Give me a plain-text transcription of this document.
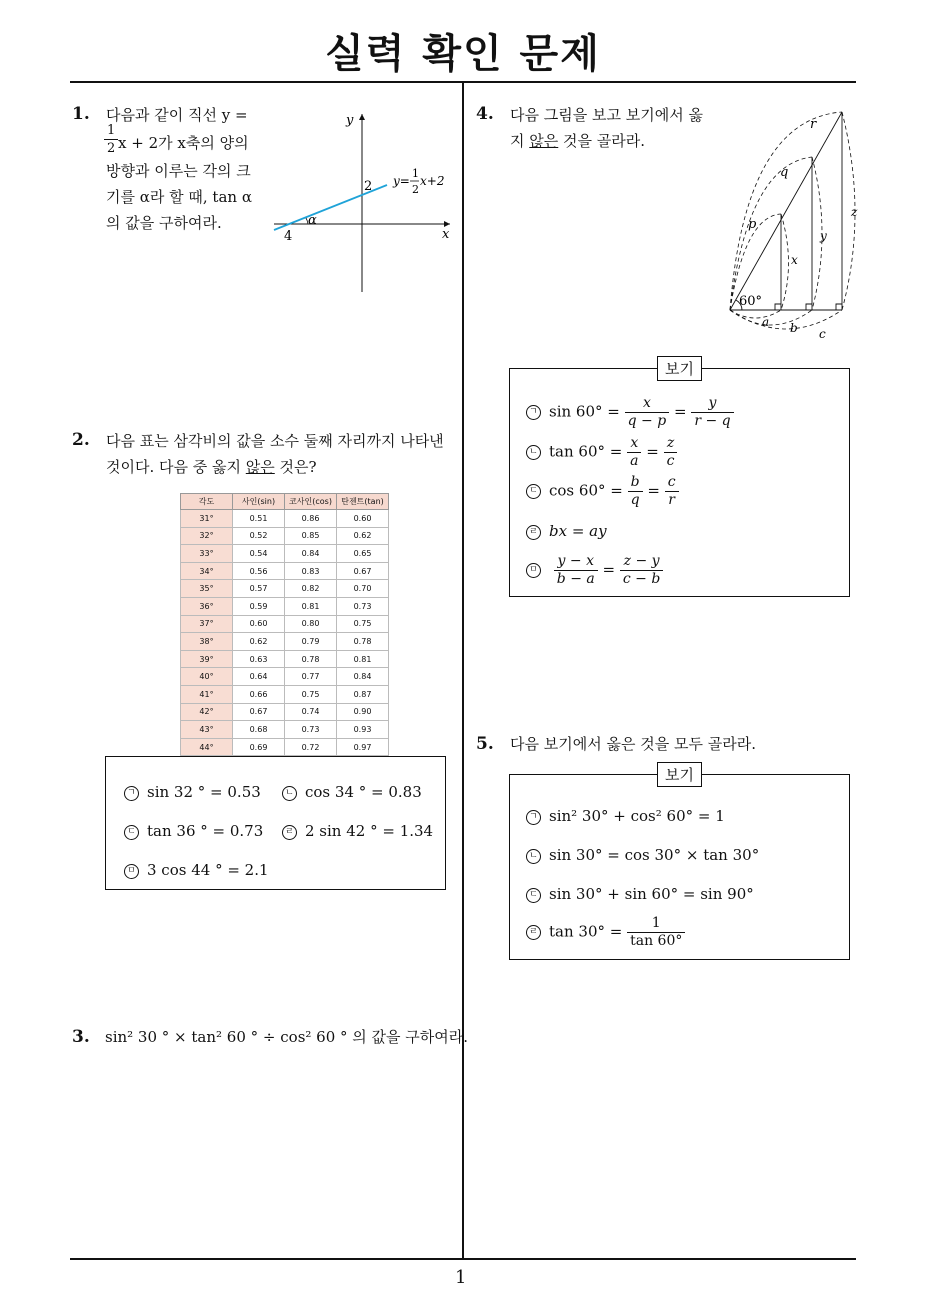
실력 확인 문제
1
1. 다음과 같이 직선 y =
$\frac{1}{2}$ x + 2가 x축의 양의
방향과 이루는 각의 크
기를 α라 할 때, tan α
의 값을 구하여라.
y
x
2
4
α
y=
1
2
x+2
2. 다음 표는 삼각비의 값을 소수 둘째 자리까지 나타낸
것이다. 다음 중 옳지 않은 것은?
각도	사인(sin)	코사인(cos)	탄젠트(tan)
31°	0.51	0.86	0.60
32°	0.52	0.85	0.62
33°	0.54	0.84	0.65
34°	0.56	0.83	0.67
35°	0.57	0.82	0.70
36°	0.59	0.81	0.73
37°	0.60	0.80	0.75
38°	0.62	0.79	0.78
39°	0.63	0.78	0.81
40°	0.64	0.77	0.84
41°	0.66	0.75	0.87
42°	0.67	0.74	0.90
43°	0.68	0.73	0.93
44°	0.69	0.72	0.97
ㄱ sin 32 ° = 0.53	ㄴ cos 34 ° = 0.83
ㄷ tan 36 ° = 0.73	ㄹ 2 sin 42 ° = 1.34
ㅁ 3 cos 44 ° = 2.1
3. sin² 30 ° × tan² 60 ° ÷ cos² 60 ° 의 값을 구하여라.
4. 다음 그림을 보고 보기에서 옳
지 않은 것을 골라라.
60°
r
q
p
z
y
x
a b c
ㄱ $\sin 60^\circ = \frac{x}{q - p} = \frac{y}{r - q}$
ㄴ $\tan 60^\circ = \frac{x}{a} = \frac{z}{c}$
ㄷ $\cos 60^\circ = \frac{b}{q} = \frac{c}{r}$
ㄹ bx = ay
ㅁ $\frac{y - x}{b - a} = \frac{z - y}{c - b}$
보기
5. 다음 보기에서 옳은 것을 모두 골라라.
ㄱ sin² 30° + cos² 60° = 1
ㄴ sin 30° = cos 30° × tan 30°
ㄷ sin 30° + sin 60° = sin 90°
ㄹ $\tan 30^\circ = \frac{1}{\tan 60^\circ}$
보기
